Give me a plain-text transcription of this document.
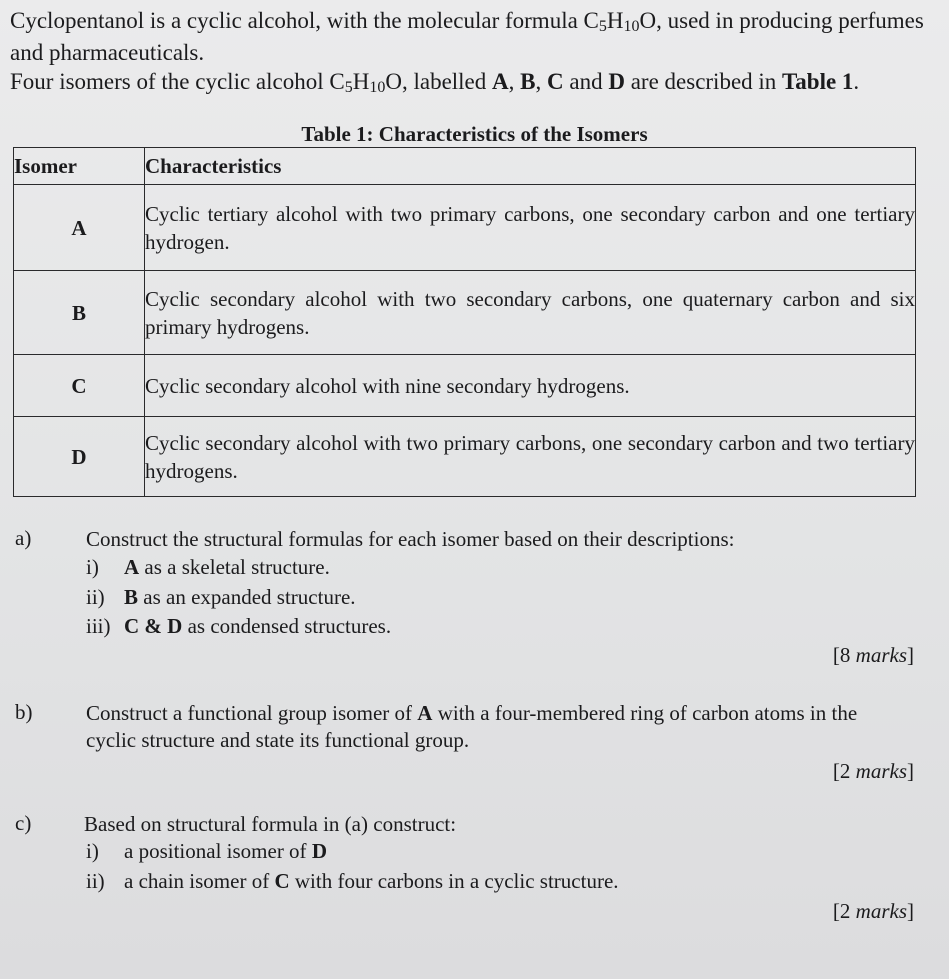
Cyclopentanol is a cyclic alcohol, with the molecular formula C5H10O, used in producing perfumes and pharmaceuticals.

Four isomers of the cyclic alcohol C5H10O, labelled A, B, C and D are described in Table 1.

Table 1: Characteristics of the Isomers
Isomer	Characteristics
A	Cyclic tertiary alcohol with two primary carbons, one secondary carbon and one tertiary hydrogen.
B	Cyclic secondary alcohol with two secondary carbons, one quaternary carbon and six primary hydrogens.
C	Cyclic secondary alcohol with nine secondary hydrogens.
D	Cyclic secondary alcohol with two primary carbons, one secondary carbon and two tertiary hydrogens.
a)	Construct the structural formulas for each isomer based on their descriptions:
i) A as a skeletal structure.
ii) B as an expanded structure.
iii) C & D as condensed structures.
[8 marks]
b)	Construct a functional group isomer of A with a four-membered ring of carbon atoms in the cyclic structure and state its functional group.
[2 marks]
c)	Based on structural formula in (a) construct:
i) a positional isomer of D
ii) a chain isomer of C with four carbons in a cyclic structure.
[2 marks]
